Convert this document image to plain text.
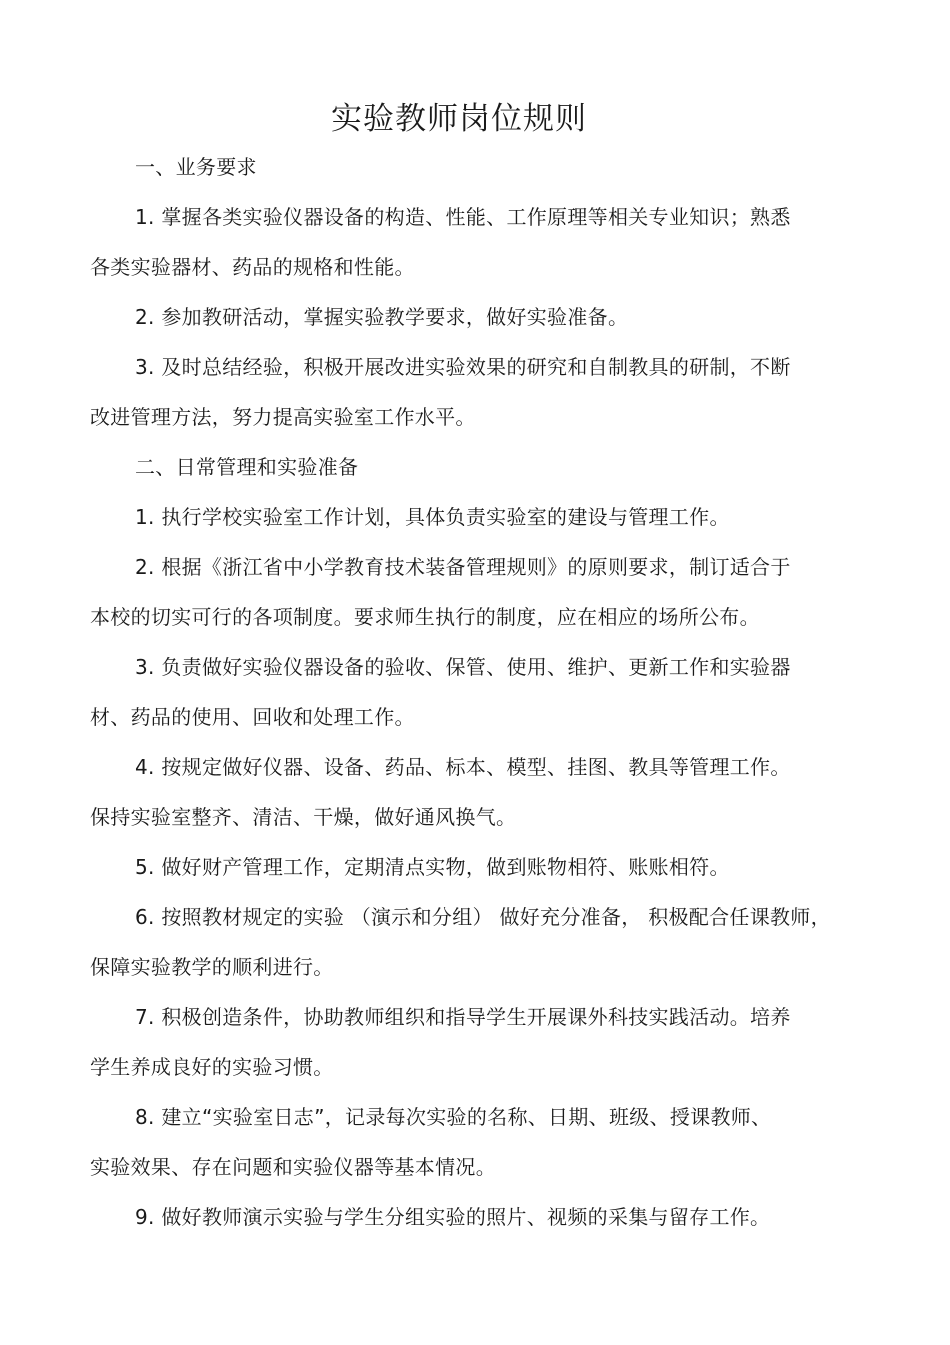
实验教师岗位规则
一、业务要求
1. 掌握各类实验仪器设备的构造、性能、工作原理等相关专业知识；熟悉
各类实验器材、药品的规格和性能。
2. 参加教研活动，掌握实验教学要求，做好实验准备。
3. 及时总结经验，积极开展改进实验效果的研究和自制教具的研制，不断
改进管理方法，努力提高实验室工作水平。
二、日常管理和实验准备
1. 执行学校实验室工作计划，具体负责实验室的建设与管理工作。
2. 根据《浙江省中小学教育技术装备管理规则》的原则要求，制订适合于
本校的切实可行的各项制度。要求师生执行的制度，应在相应的场所公布。
3. 负责做好实验仪器设备的验收、保管、使用、维护、更新工作和实验器
材、药品的使用、回收和处理工作。
4. 按规定做好仪器、设备、药品、标本、模型、挂图、教具等管理工作。
保持实验室整齐、清洁、干燥，做好通风换气。
5. 做好财产管理工作，定期清点实物，做到账物相符、账账相符。
6. 按照教材规定的实验 （演示和分组） 做好充分准备， 积极配合任课教师，
保障实验教学的顺利进行。
7. 积极创造条件，协助教师组织和指导学生开展课外科技实践活动。培养
学生养成良好的实验习惯。
8. 建立“实验室日志”，记录每次实验的名称、日期、班级、授课教师、
实验效果、存在问题和实验仪器等基本情况。
9. 做好教师演示实验与学生分组实验的照片、视频的采集与留存工作。
